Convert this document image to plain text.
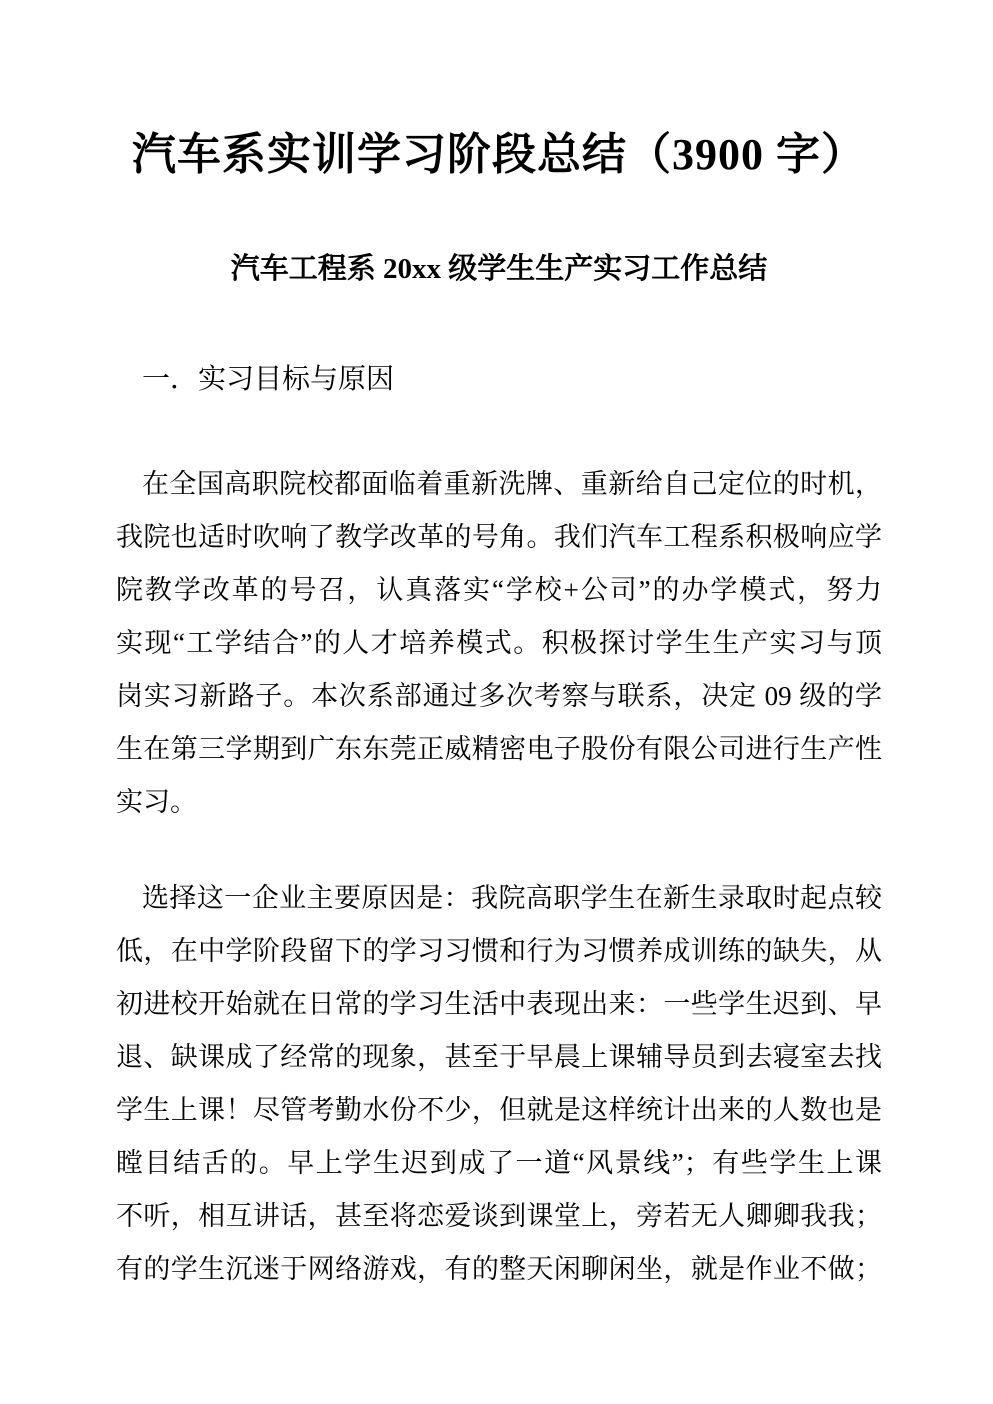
汽车系实训学习阶段总结（3900 字）
汽车工程系 20xx 级学生生产实习工作总结
一．实习目标与原因
在全国高职院校都面临着重新洗牌、重新给自己定位的时机，
我院也适时吹响了教学改革的号角。我们汽车工程系积极响应学
院教学改革的号召，认真落实“学校+公司”的办学模式，努力
实现“工学结合”的人才培养模式。积极探讨学生生产实习与顶
岗实习新路子。本次系部通过多次考察与联系，决定 09 级的学
生在第三学期到广东东莞正威精密电子股份有限公司进行生产性
实习。
选择这一企业主要原因是：我院高职学生在新生录取时起点较
低，在中学阶段留下的学习习惯和行为习惯养成训练的缺失，从
初进校开始就在日常的学习生活中表现出来：一些学生迟到、早
退、缺课成了经常的现象，甚至于早晨上课辅导员到去寝室去找
学生上课！尽管考勤水份不少，但就是这样统计出来的人数也是
瞠目结舌的。早上学生迟到成了一道“风景线”；有些学生上课
不听，相互讲话，甚至将恋爱谈到课堂上，旁若无人卿卿我我；
有的学生沉迷于网络游戏，有的整天闲聊闲坐，就是作业不做；
